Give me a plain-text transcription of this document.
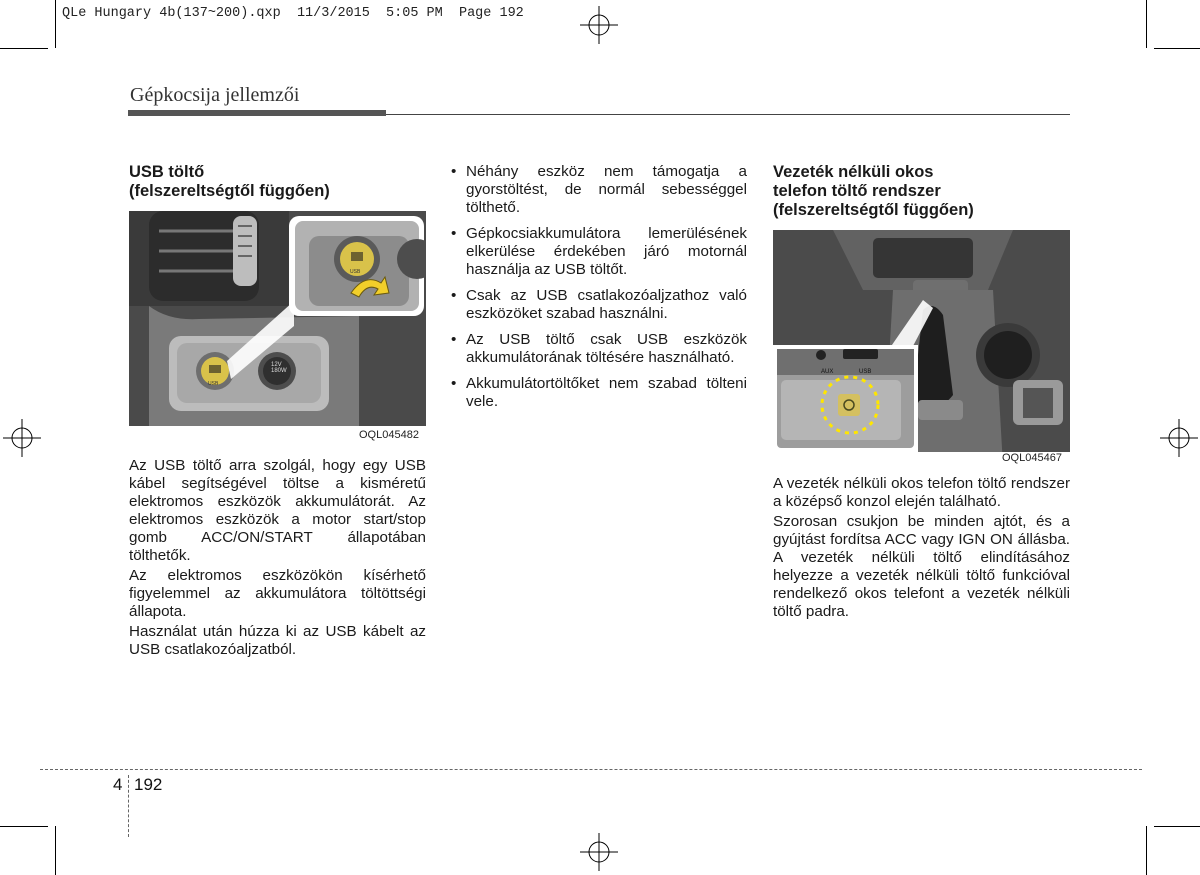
QLe Hungary 4b(137~200).qxp  11/3/2015  5:05 PM  Page 192
Gépkocsija jellemzői
USB töltő
(felszereltségtől függően)
USB
12V
180W
USB
OQL045482

Az USB töltő arra szolgál, hogy egy USB kábel segítségével töltse a kisméretű elektromos eszközök akkumulátorát. Az elektromos eszközök a motor start/stop gomb ACC/ON/START állapotában tölthetők.

Az elektromos eszközökön kísérhető figyelemmel az akkumulátora töltöttségi állapota.

Használat után húzza ki az USB kábelt az USB csatlakozóaljzatból.

• Néhány eszköz nem támogatja a gyorstöltést, de normál sebességgel tölthető.
• Gépkocsiakkumulátora lemerülésének elkerülése érdekében járó motornál használja az USB töltőt.
• Csak az USB csatlakozóaljzathoz való eszközöket szabad használni.
• Az USB töltő csak USB eszközök akkumulátorának töltésére használható.
• Akkumulátortöltőket nem szabad tölteni vele.
Vezeték nélküli okos
telefon töltő rendszer
(felszereltségtől függően)
AUX	USB
OQL045467

A vezeték nélküli okos telefon töltő rendszer a középső konzol elején található.

Szorosan csukjon be minden ajtót, és a gyújtást fordítsa ACC vagy IGN ON állásba. A vezeték nélküli töltő elindításához helyezze a vezeték nélküli töltő funkcióval rendelkező okos telefont a vezeték nélküli töltő padra.

4 192
